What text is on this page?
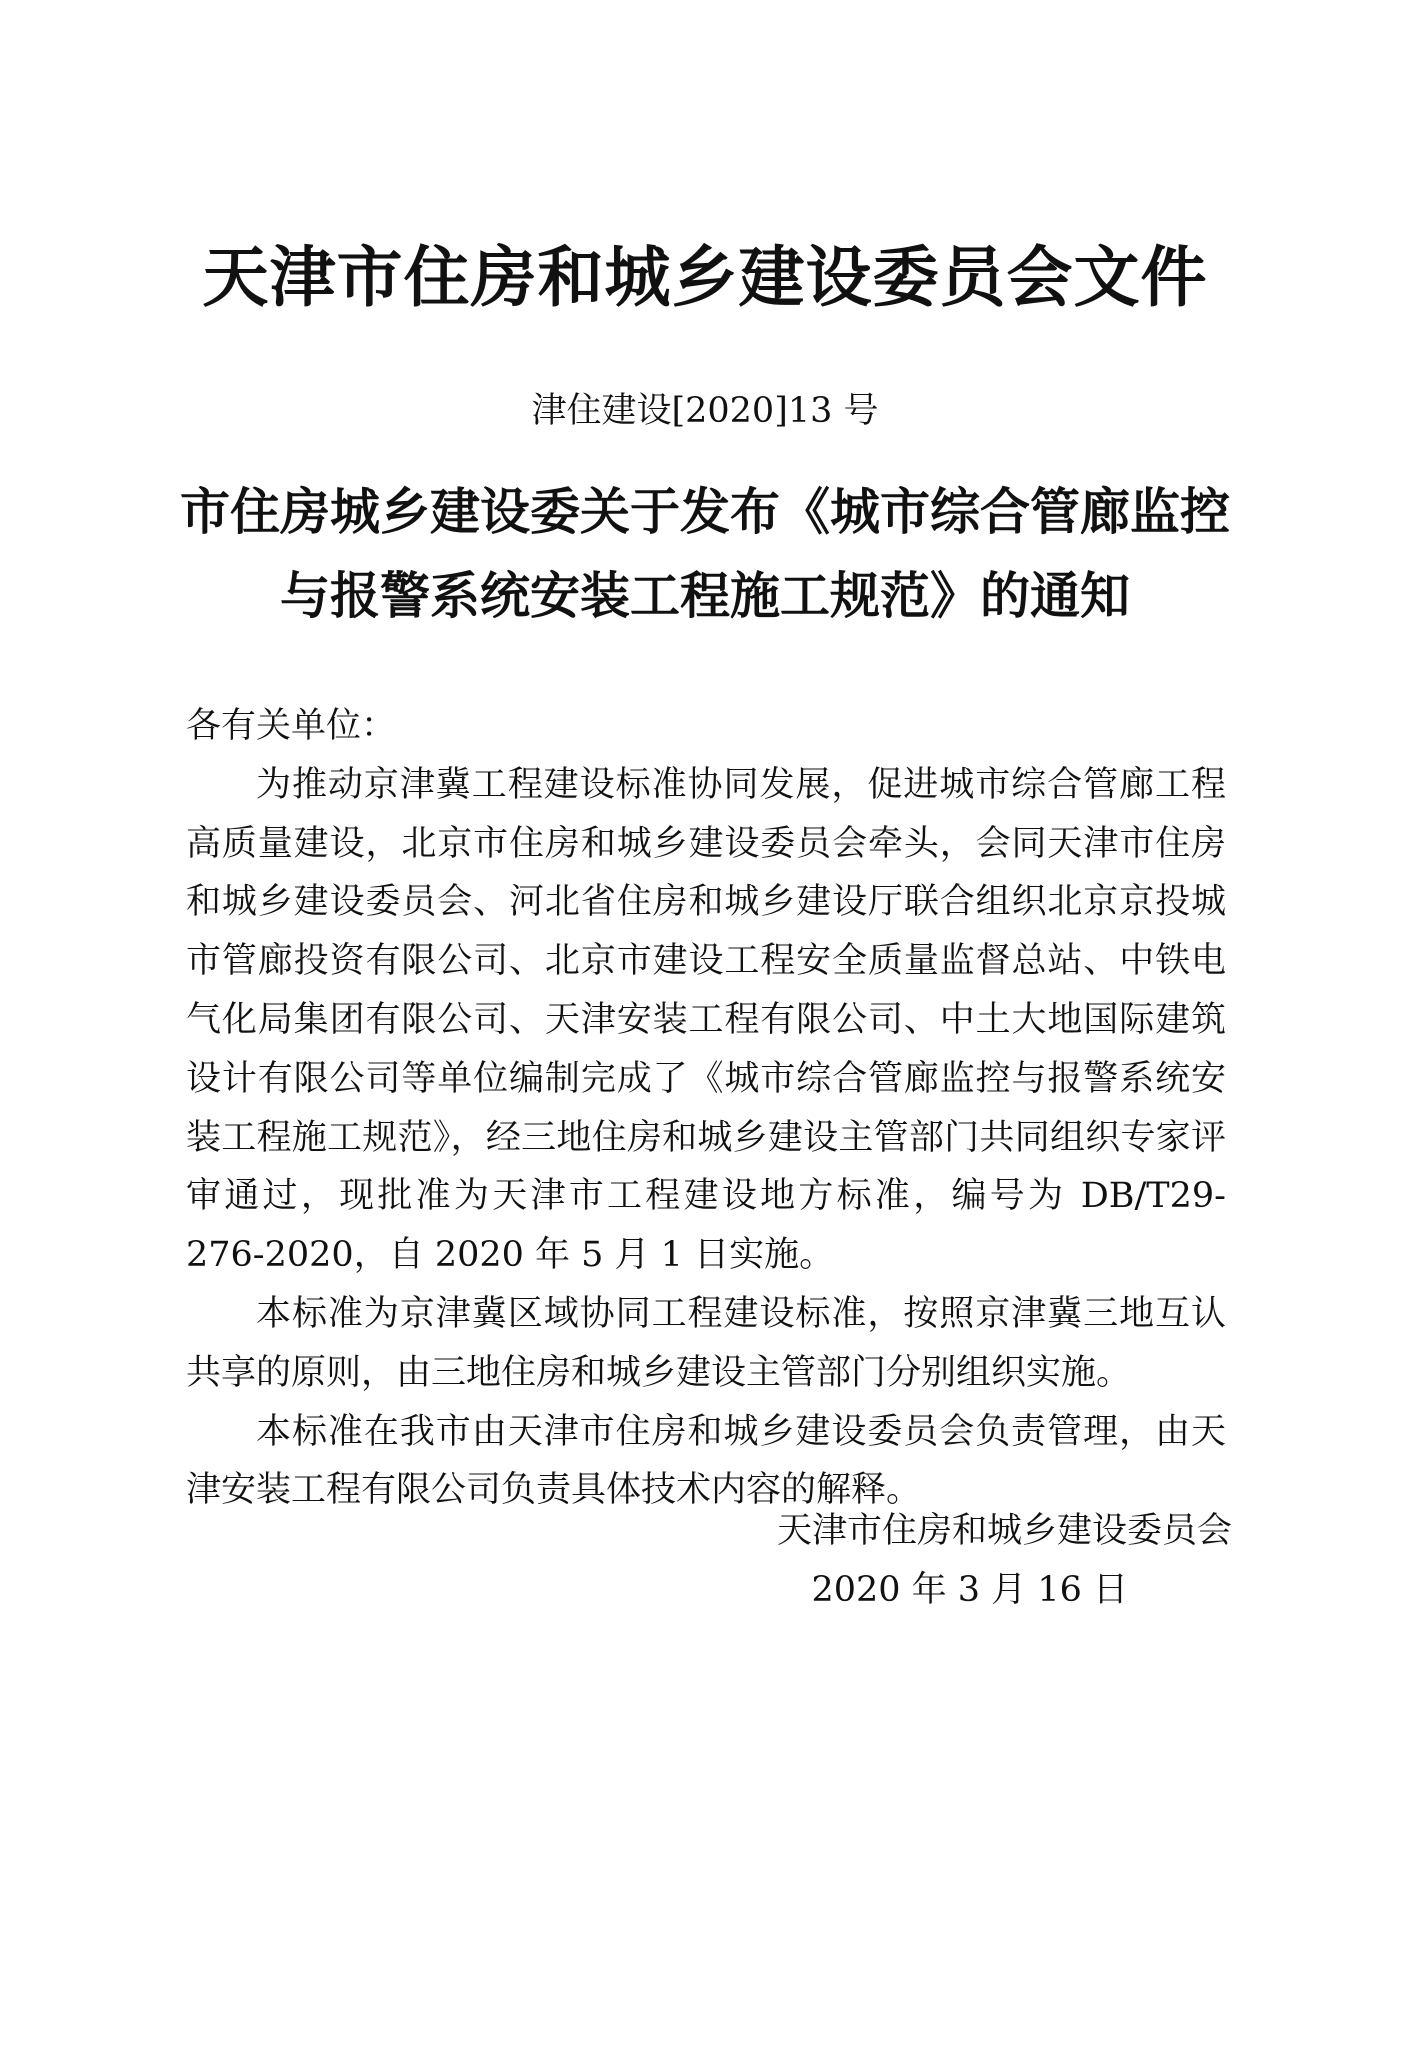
天津市住房和城乡建设委员会文件
津住建设[2020]13 号
市住房城乡建设委关于发布《城市综合管廊监控
与报警系统安装工程施工规范》的通知

各有关单位：

为推动京津冀工程建设标准协同发展，促进城市综合管廊工程高质量建设，北京市住房和城乡建设委员会牵头，会同天津市住房和城乡建设委员会、河北省住房和城乡建设厅联合组织北京京投城市管廊投资有限公司、北京市建设工程安全质量监督总站、中铁电气化局集团有限公司、天津安装工程有限公司、中土大地国际建筑设计有限公司等单位编制完成了《城市综合管廊监控与报警系统安装工程施工规范》，经三地住房和城乡建设主管部门共同组织专家评审通过，现批准为天津市工程建设地方标准，编号为 DB/T29-276-2020，自 2020 年 5 月 1 日实施。

本标准为京津冀区域协同工程建设标准，按照京津冀三地互认共享的原则，由三地住房和城乡建设主管部门分别组织实施。

本标准在我市由天津市住房和城乡建设委员会负责管理，由天津安装工程有限公司负责具体技术内容的解释。

天津市住房和城乡建设委员会
2020 年 3 月 16 日
